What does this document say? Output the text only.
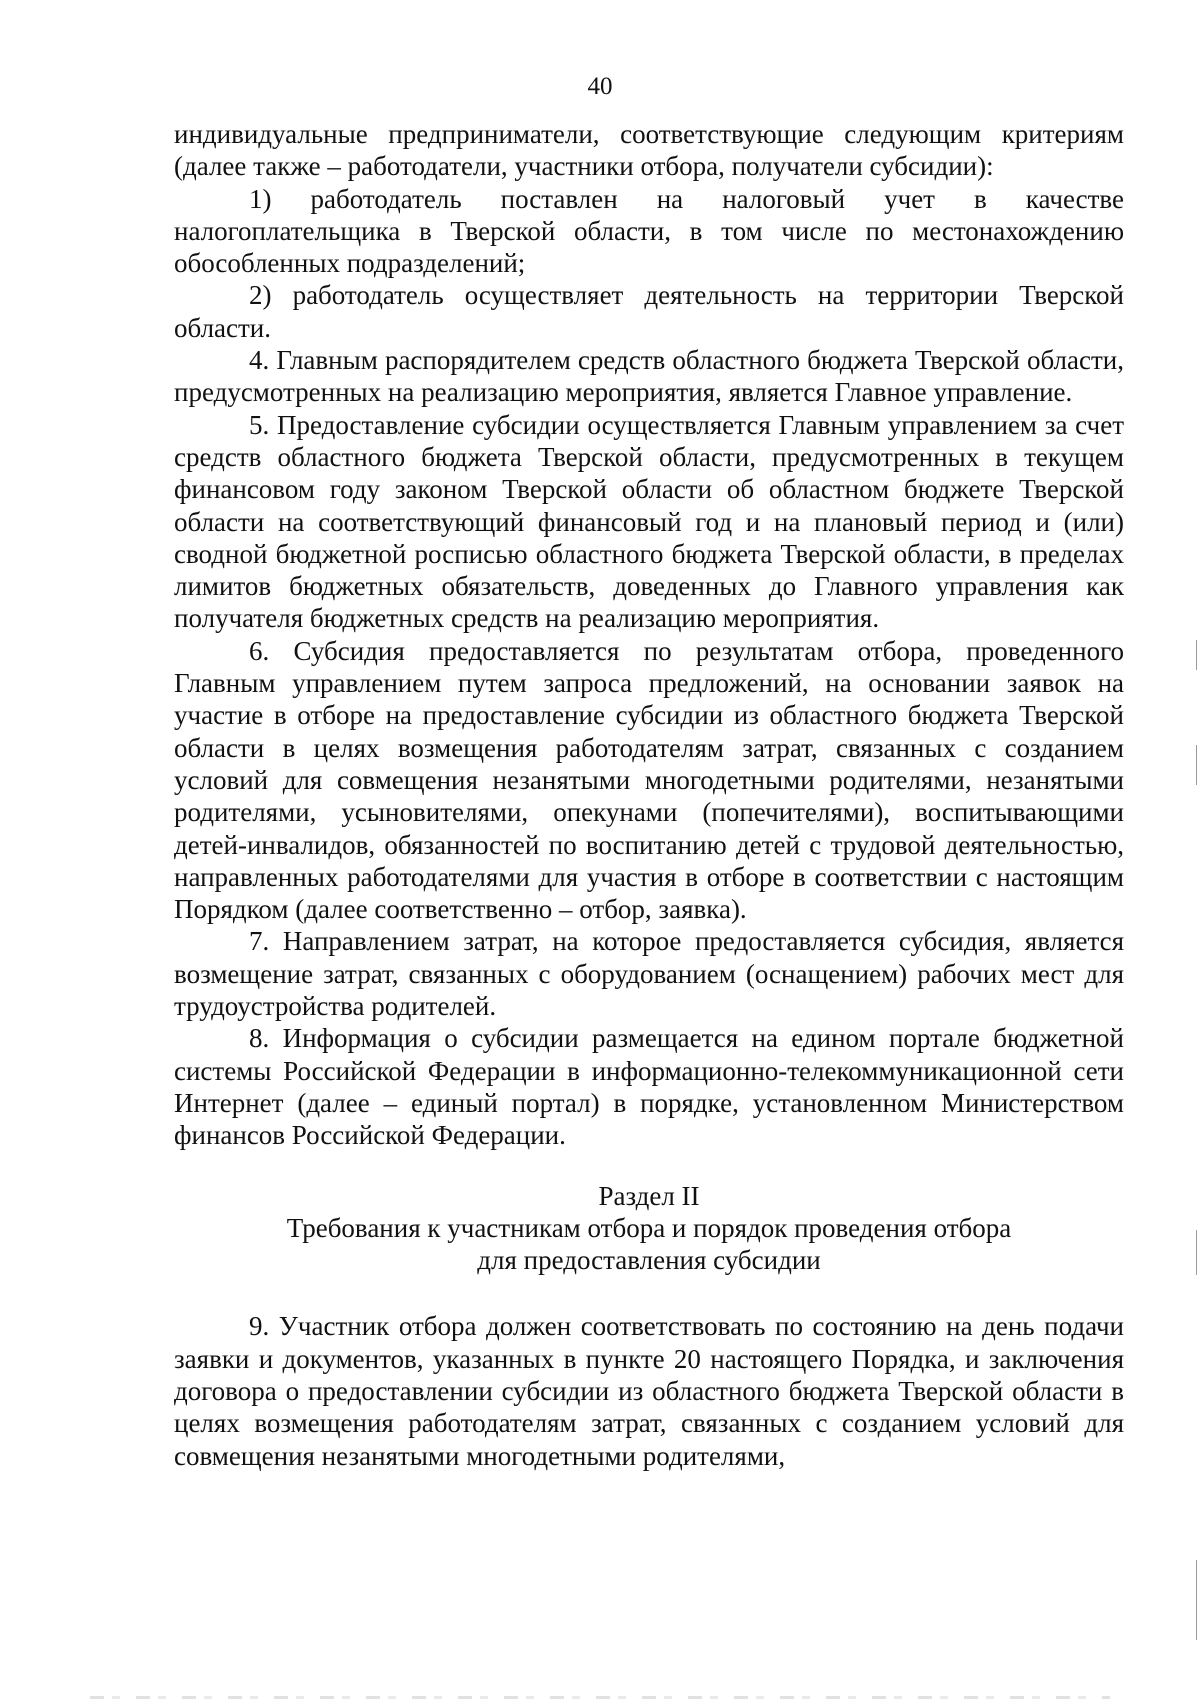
40

индивидуальные предприниматели, соответствующие следующим критериям (далее также – работодатели, участники отбора, получатели субсидии):

1) работодатель поставлен на налоговый учет в качестве налогоплательщика в Тверской области, в том числе по местонахождению обособленных подразделений;

2) работодатель осуществляет деятельность на территории Тверской области.

4. Главным распорядителем средств областного бюджета Тверской области, предусмотренных на реализацию мероприятия, является Главное управление.

5. Предоставление субсидии осуществляется Главным управлением за счет средств областного бюджета Тверской области, предусмотренных в текущем финансовом году законом Тверской области об областном бюджете Тверской области на соответствующий финансовый год и на плановый период и (или) сводной бюджетной росписью областного бюджета Тверской области, в пределах лимитов бюджетных обязательств, доведенных до Главного управления как получателя бюджетных средств на реализацию мероприятия.

6. Субсидия предоставляется по результатам отбора, проведенного Главным управлением путем запроса предложений, на основании заявок на участие в отборе на предоставление субсидии из областного бюджета Тверской области в целях возмещения работодателям затрат, связанных с созданием условий для совмещения незанятыми многодетными родителями, незанятыми родителями, усыновителями, опекунами (попечителями), воспитывающими детей-инвалидов, обязанностей по воспитанию детей с трудовой деятельностью, направленных работодателями для участия в отборе в соответствии с настоящим Порядком (далее соответственно – отбор, заявка).

7. Направлением затрат, на которое предоставляется субсидия, является возмещение затрат, связанных с оборудованием (оснащением) рабочих мест для трудоустройства родителей.

8. Информация о субсидии размещается на едином портале бюджетной системы Российской Федерации в информационно-телекоммуникационной сети Интернет (далее – единый портал) в порядке, установленном Министерством финансов Российской Федерации.

Раздел II

Требования к участникам отбора и порядок проведения отбора

для предоставления субсидии

9. Участник отбора должен соответствовать по состоянию на день подачи заявки и документов, указанных в пункте 20 настоящего Порядка, и заключения договора о предоставлении субсидии из областного бюджета Тверской области в целях возмещения работодателям затрат, связанных с созданием условий для совмещения незанятыми многодетными родителями,
